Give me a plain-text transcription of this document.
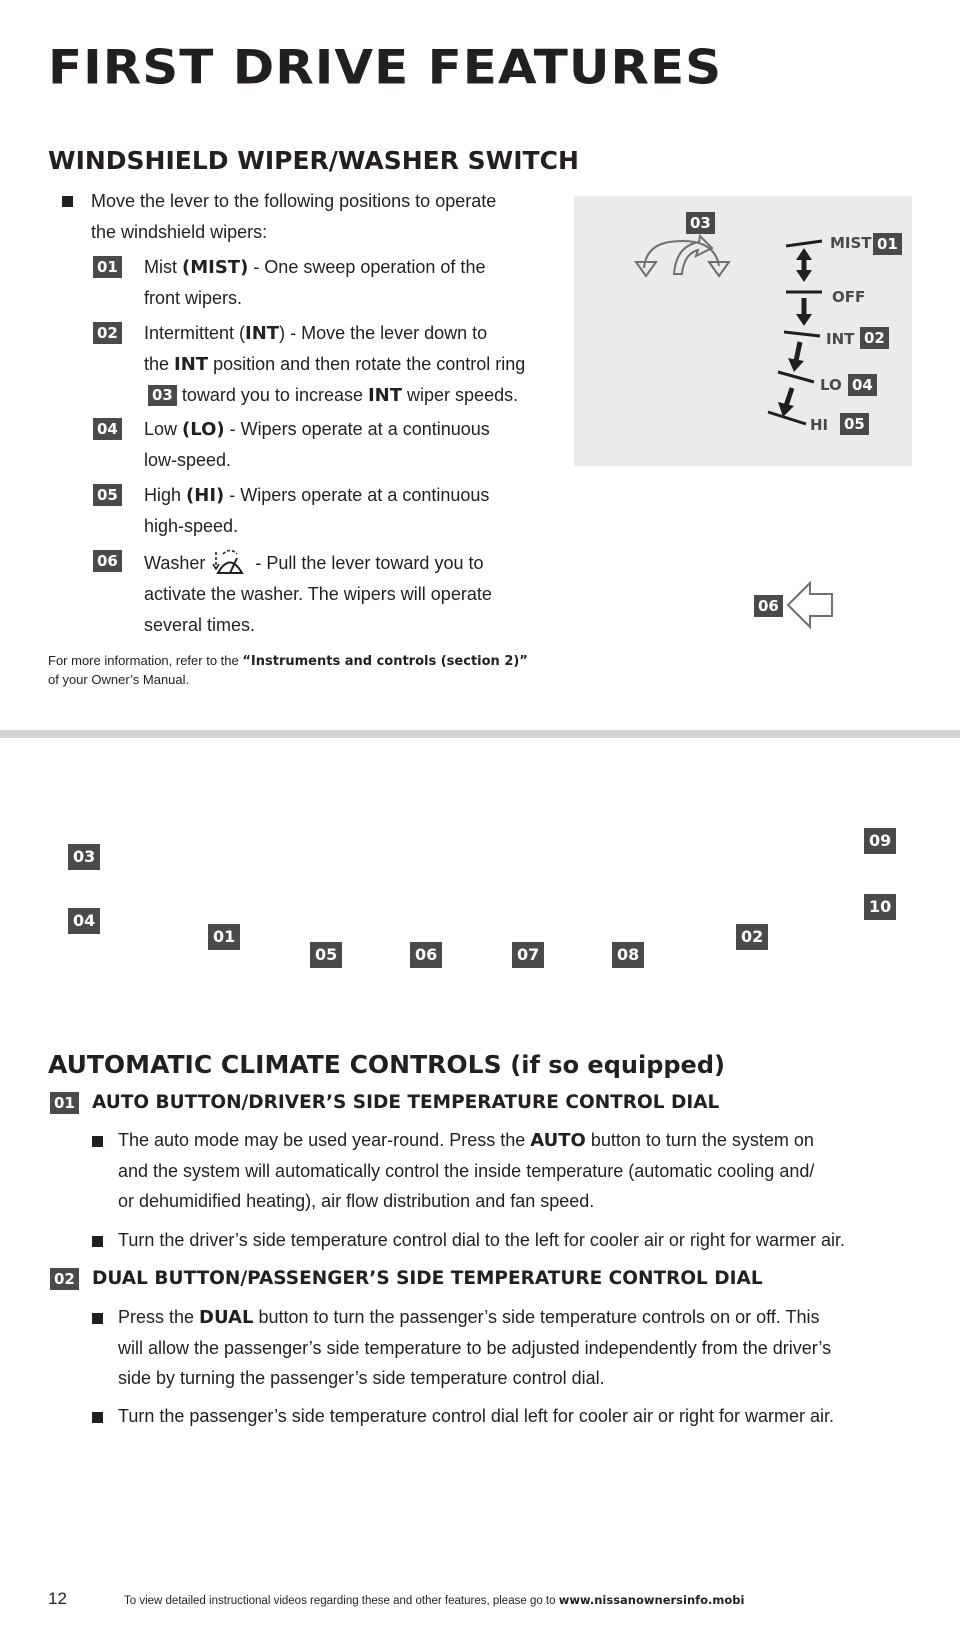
FIRST DRIVE FEATURES
WINDSHIELD WIPER/WASHER SWITCH
Move the lever to the following positions to operate
the windshield wipers:
01 Mist (MIST) - One sweep operation of the
front wipers.
02 Intermittent (INT) - Move the lever down to
the INT position and then rotate the control ring
03 toward you to increase INT wiper speeds.
04 Low (LO) - Wipers operate at a continuous
low-speed.
05 High (HI) - Wipers operate at a continuous
high-speed.
06 Washer  - Pull the lever toward you to
activate the washer. The wipers will operate
several times.
For more information, refer to the “Instruments and controls (section 2)”
of your Owner’s Manual.
03
MIST 01
OFF
INT 02
LO 04
HI 05
06
03
04
01
05	06	07	08
02
09
10
AUTOMATIC CLIMATE CONTROLS (if so equipped)
01 AUTO BUTTON/DRIVER’S SIDE TEMPERATURE CONTROL DIAL
The auto mode may be used year-round. Press the AUTO button to turn the system on
and the system will automatically control the inside temperature (automatic cooling and/
or dehumidified heating), air flow distribution and fan speed.
Turn the driver’s side temperature control dial to the left for cooler air or right for warmer air.
02 DUAL BUTTON/PASSENGER’S SIDE TEMPERATURE CONTROL DIAL
Press the DUAL button to turn the passenger’s side temperature controls on or off. This
will allow the passenger’s side temperature to be adjusted independently from the driver’s
side by turning the passenger’s side temperature control dial.
Turn the passenger’s side temperature control dial left for cooler air or right for warmer air.
12	To view detailed instructional videos regarding these and other features, please go to www.nissanownersinfo.mobi
